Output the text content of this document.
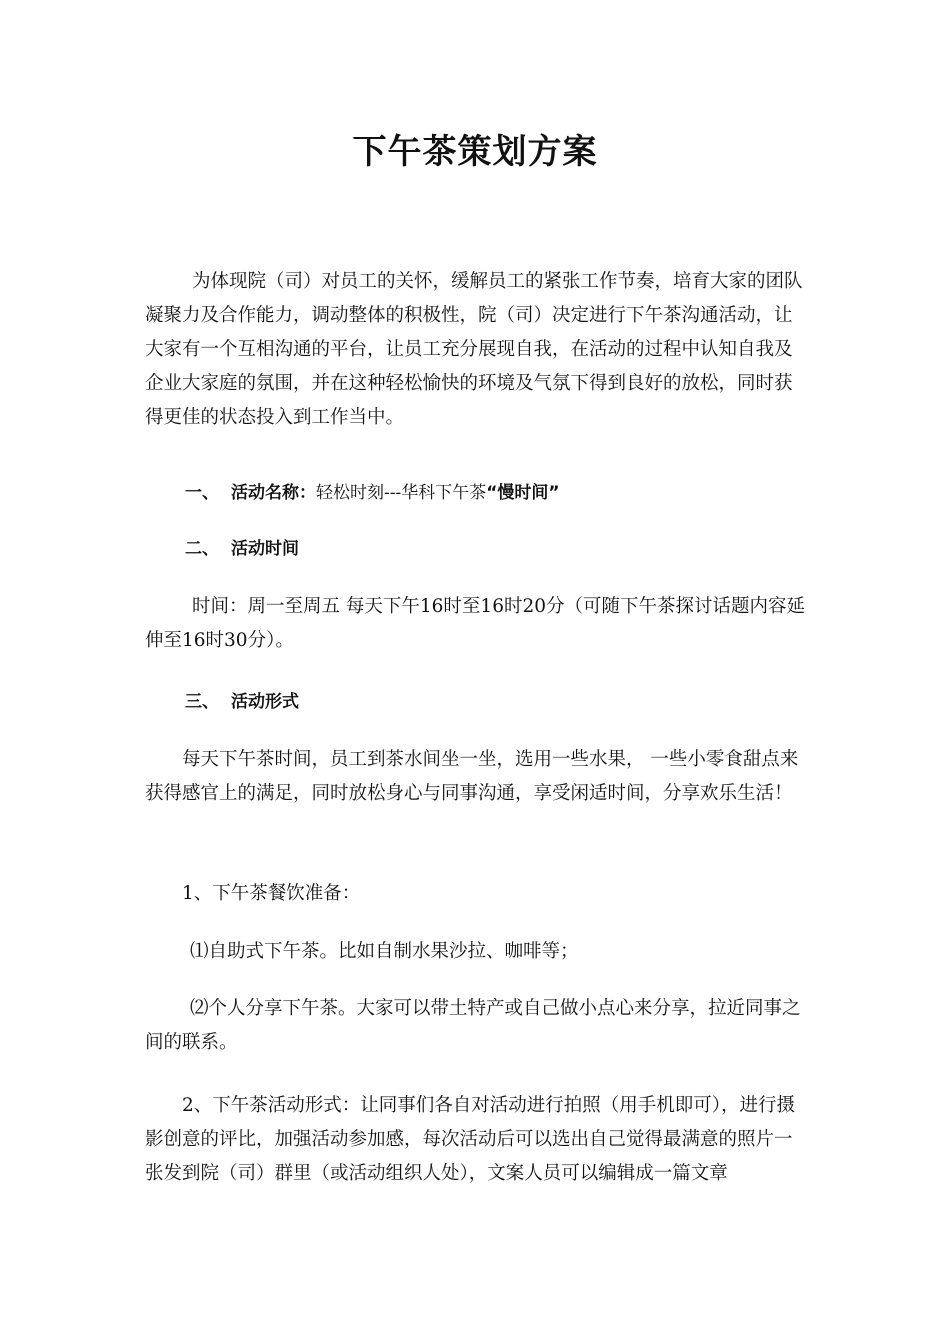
下午茶策划方案
为体现院（司）对员工的关怀，缓解员工的紧张工作节奏，培育大家的团队凝聚力及合作能力，调动整体的积极性，院（司）决定进行下午茶沟通活动，让大家有一个互相沟通的平台，让员工充分展现自我，在活动的过程中认知自我及企业大家庭的氛围，并在这种轻松愉快的环境及气氛下得到良好的放松，同时获得更佳的状态投入到工作当中。
一、 活动名称：轻松时刻---华科下午茶“慢时间”
二、 活动时间
时间：周一至周五 每天下午16时至16时20分（可随下午茶探讨话题内容延伸至16时30分）。
三、 活动形式
每天下午茶时间，员工到茶水间坐一坐，选用一些水果， 一些小零食甜点来获得感官上的满足，同时放松身心与同事沟通，享受闲适时间，分享欢乐生活！
1、下午茶餐饮准备：
⑴自助式下午茶。比如自制水果沙拉、咖啡等；
⑵个人分享下午茶。大家可以带土特产或自己做小点心来分享，拉近同事之间的联系。
2、下午茶活动形式：让同事们各自对活动进行拍照（用手机即可），进行摄影创意的评比，加强活动参加感，每次活动后可以选出自己觉得最满意的照片一张发到院（司）群里（或活动组织人处），文案人员可以编辑成一篇文章
